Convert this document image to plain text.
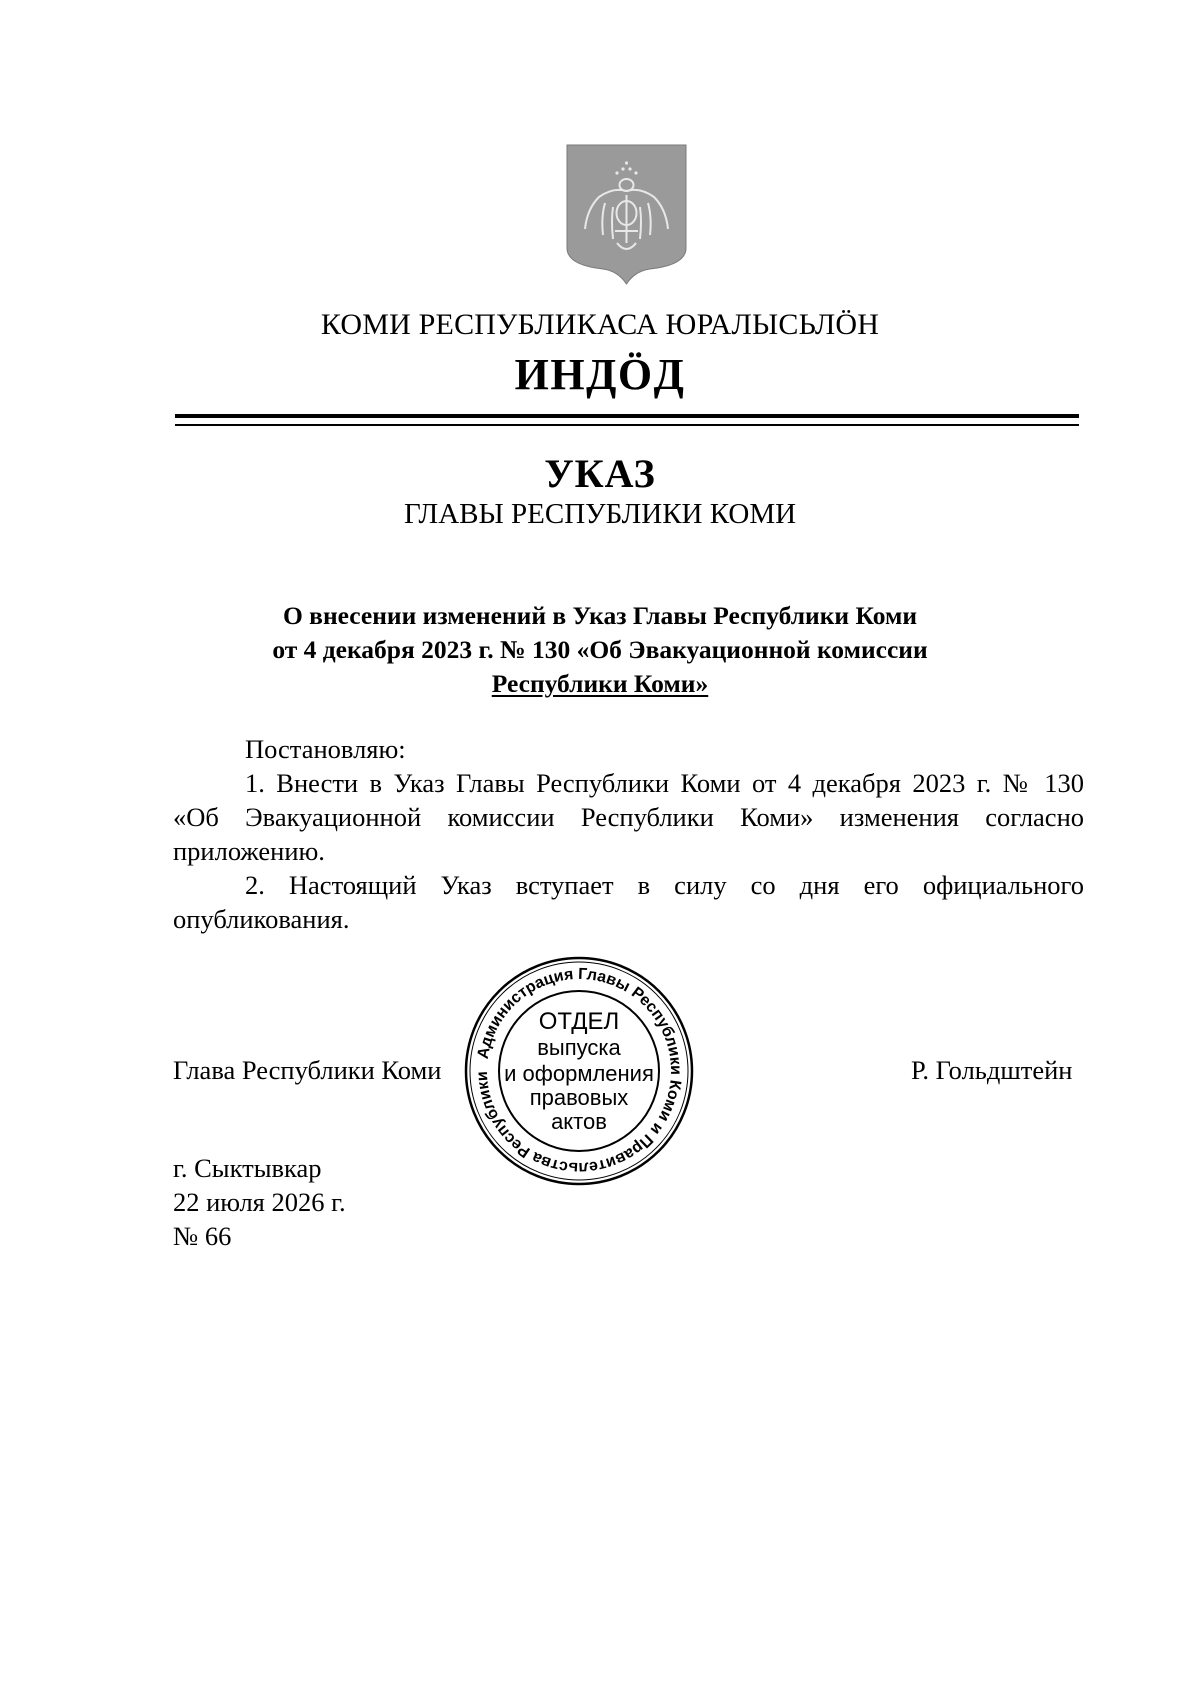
КОМИ РЕСПУБЛИКАСА ЮРАЛЫСЬЛӦН
ИНДӦД
УКАЗ
ГЛАВЫ РЕСПУБЛИКИ КОМИ
О внесении изменений в Указ Главы Республики Коми
от 4 декабря 2023 г. № 130 «Об Эвакуационной комиссии
Республики Коми»
Постановляю:
1. Внести в Указ Главы Республики Коми от 4 декабря 2023 г. № 130
«Об Эвакуационной комиссии Республики Коми» изменения согласно
приложению.
2. Настоящий Указ вступает в силу со дня его официального
опубликования.
Глава Республики Коми	Р. Гольдштейн
Администрация Главы Республики Коми и Правительства Республики
ОТДЕЛ
выпуска
и оформления
правовых
актов
г. Сыктывкар
22 июля 2026 г.
№ 66
